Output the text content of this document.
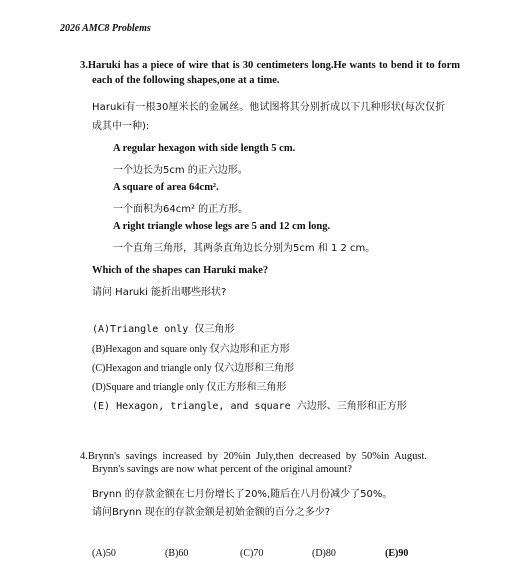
2026 AMC8 Problems
3.Haruki has a piece of wire that is 30 centimeters long.He wants to bend it to form
each of the following shapes,one at a time.
Haruki有一根30厘米长的金属丝。他试图将其分别折成以下几种形状(每次仅折
成其中一种):
A regular hexagon with side length 5 cm.
一个边长为5cm 的正六边形。
A square of area 64cm².
一个面积为64cm² 的正方形。
A right triangle whose legs are 5 and 12 cm long.
一个直角三角形，其两条直角边长分别为5cm 和 1 2 cm。
Which of the shapes can Haruki make?
请问 Haruki 能折出哪些形状?
(A)Triangle only 仅三角形
(B)Hexagon and square only 仅六边形和正方形
(C)Hexagon and triangle only 仅六边形和三角形
(D)Square and triangle only 仅正方形和三角形
(E) Hexagon, triangle, and square 六边形、三角形和正方形
4.Brynn's savings increased by 20%in July,then decreased by 50%in August.
Brynn's savings are now what percent of the original amount?
Brynn 的存款金额在七月份增长了20%,随后在八月份减少了50%。
请问Brynn 现在的存款金额是初始金额的百分之多少?
(A)50	(B)60	(C)70	(D)80	(E)90
